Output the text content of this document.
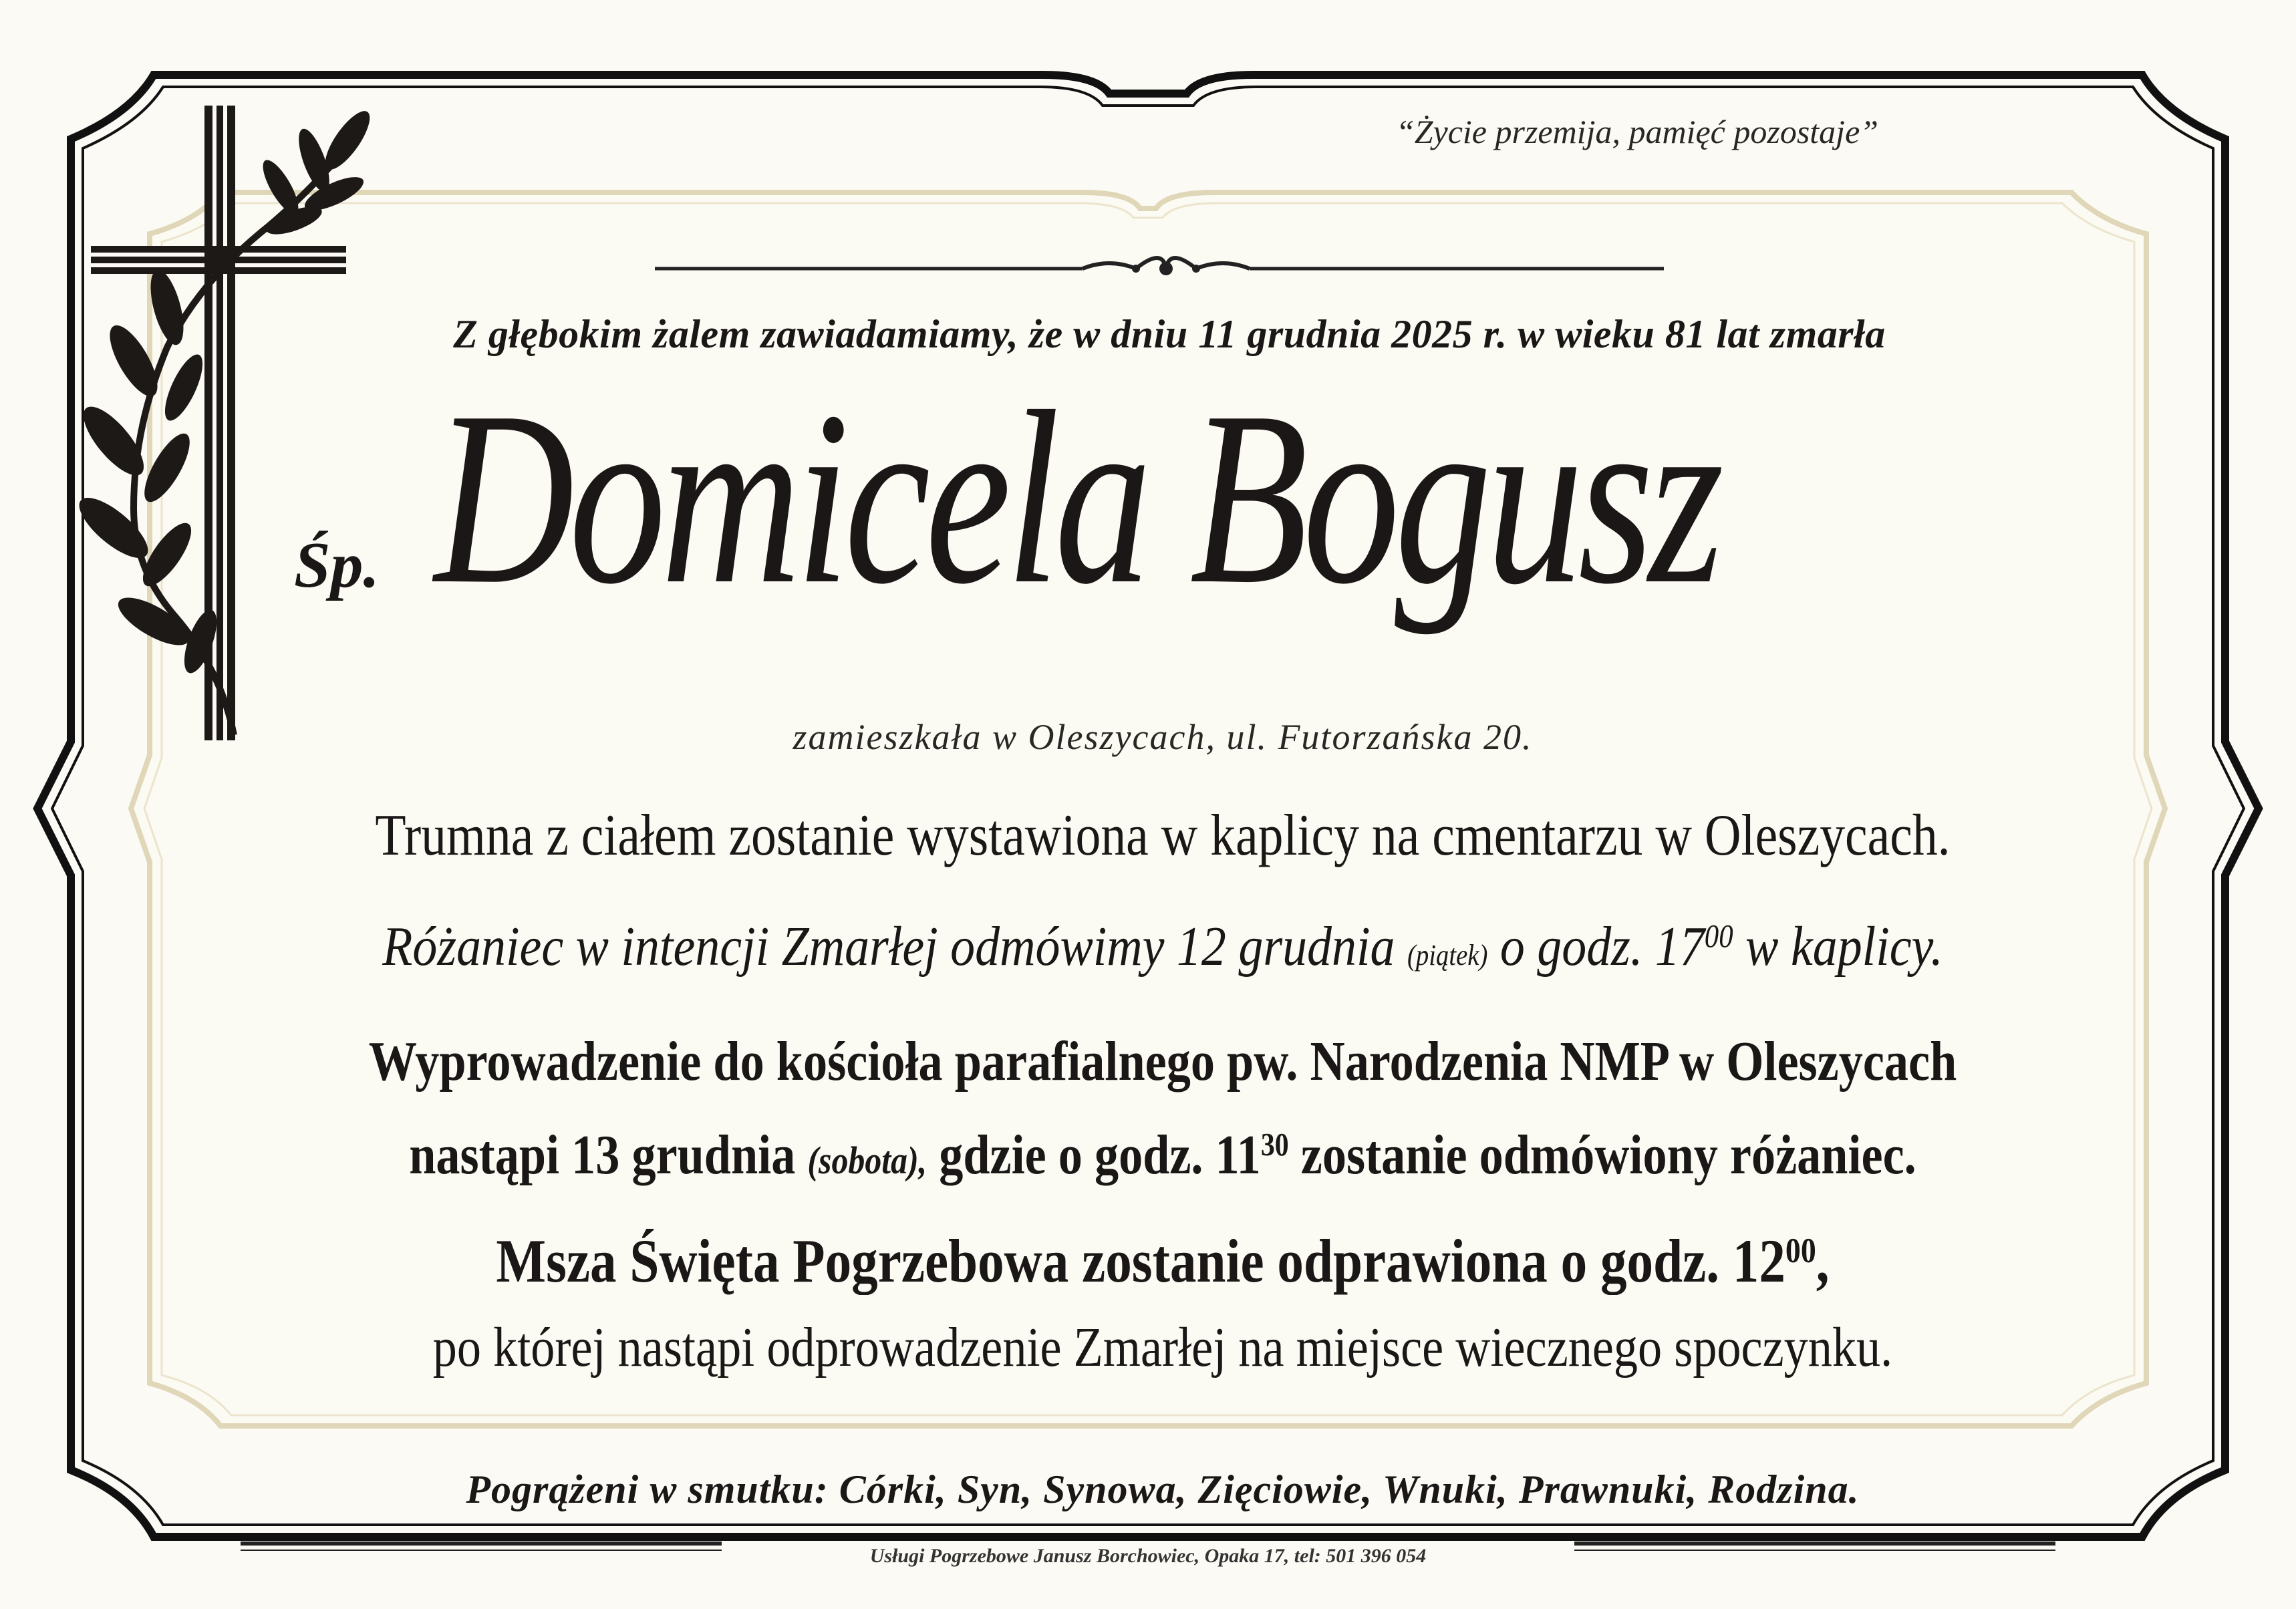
“Życie przemija, pamięć pozostaje”

Z głębokim żalem zawiadamiamy, że w dniu 11 grudnia 2025 r. w wieku 81 lat zmarła

Śp. Domicela Bogusz

zamieszkała w Oleszycach, ul. Futorzańska 20.

Trumna z ciałem zostanie wystawiona w kaplicy na cmentarzu w Oleszycach.

Różaniec w intencji Zmarłej odmówimy 12 grudnia (piątek) o godz. $17^{00}$ w kaplicy.

Wyprowadzenie do kościoła parafialnego pw. Narodzenia NMP w Oleszycach

nastąpi 13 grudnia (sobota), gdzie o godz. $11^{30}$ zostanie odmówiony różaniec.

Msza Święta Pogrzebowa zostanie odprawiona o godz. $12^{00}$,

po której nastąpi odprowadzenie Zmarłej na miejsce wiecznego spoczynku.

Pogrążeni w smutku: Córki, Syn, Synowa, Zięciowie, Wnuki, Prawnuki, Rodzina.

Usługi Pogrzebowe Janusz Borchowiec, Opaka 17, tel: 501 396 054
